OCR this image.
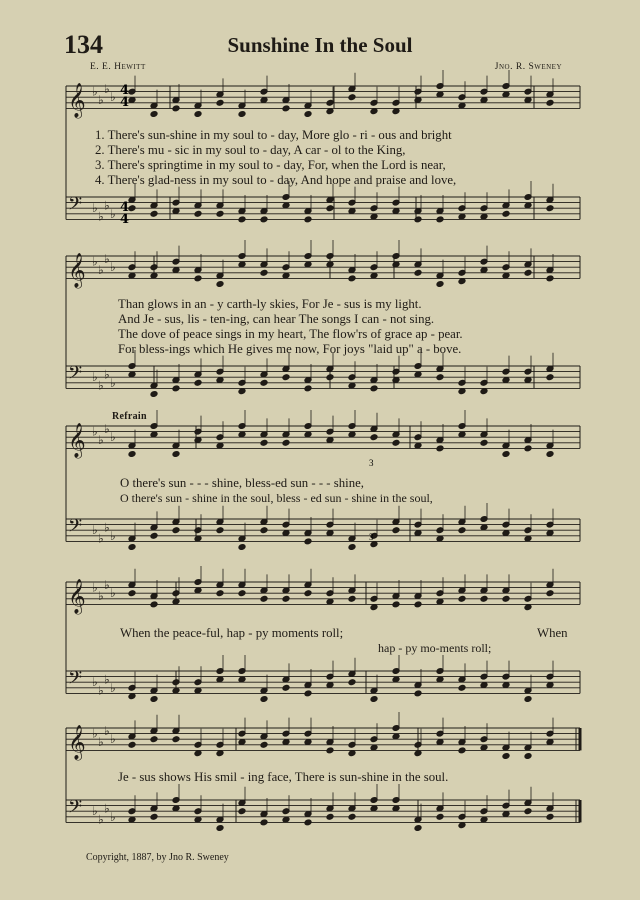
134	Sunshine In the Soul
E. E. Hewitt	Jno. R. Sweney
𝄞 ♭
♭
♭
♭
𝄢 ♭
♭
♭
♭
𝄞 ♭
♭
♭
♭
𝄢 ♭
♭
♭
♭
𝄞 ♭
♭
♭
♭
𝄢 ♭
♭
♭
♭
𝄞 ♭
♭
♭
♭
𝄢 ♭
♭
♭
♭
𝄞 ♭
♭
♭
♭
𝄢 ♭
♭
♭
♭
4
4
4
4
3
3
1. There's sun-shine in my soul to - day, More glo - ri - ous and bright
2. There's mu - sic in my soul to - day, A car - ol to the King,
3. There's springtime in my soul to - day, For, when the Lord is near,
4. There's glad-ness in my soul to - day, And hope and praise and love,
Than glows in an - y carth-ly skies, For Je - sus is my light.
And Je - sus, lis - ten-ing, can hear The songs I can - not sing.
The dove of peace sings in my heart, The flow'rs of grace ap - pear.
For bless-ings which He gives me now, For joys "laid up" a - bove.
Refrain
O there's sun - - - shine, bless-ed sun - - - shine,
O there's sun - shine in the soul, bless - ed sun - shine in the soul,
When the peace-ful, hap - py moments roll;	When
hap - py mo-ments roll;
Je - sus shows His smil - ing face, There is sun-shine in the soul.
Copyright, 1887, by Jno R. Sweney
